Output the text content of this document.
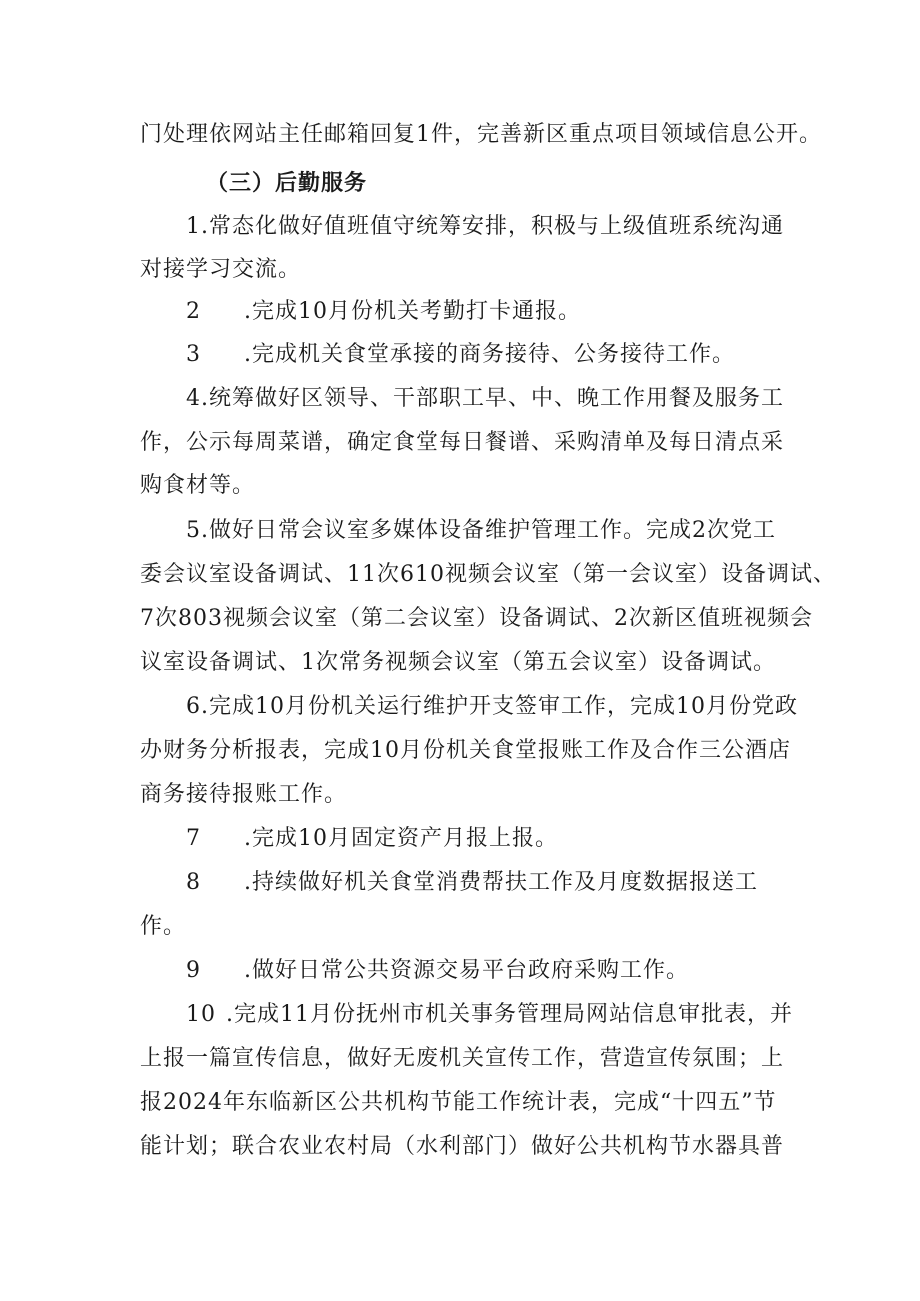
门处理依网站主任邮箱回复1件，完善新区重点项目领域信息公开。
（三）后勤服务
1.常态化做好值班值守统筹安排，积极与上级值班系统沟通
对接学习交流。
2 .完成10月份机关考勤打卡通报。
3 .完成机关食堂承接的商务接待、公务接待工作。
4.统筹做好区领导、干部职工早、中、晚工作用餐及服务工
作，公示每周菜谱，确定食堂每日餐谱、采购清单及每日清点采
购食材等。
5.做好日常会议室多媒体设备维护管理工作。完成2次党工
委会议室设备调试、11次610视频会议室（第一会议室）设备调试、
7次803视频会议室（第二会议室）设备调试、2次新区值班视频会
议室设备调试、1次常务视频会议室（第五会议室）设备调试。
6.完成10月份机关运行维护开支签审工作，完成10月份党政
办财务分析报表，完成10月份机关食堂报账工作及合作三公酒店
商务接待报账工作。
7 .完成10月固定资产月报上报。
8 .持续做好机关食堂消费帮扶工作及月度数据报送工
作。
9 .做好日常公共资源交易平台政府采购工作。
10 .完成11月份抚州市机关事务管理局网站信息审批表，并
上报一篇宣传信息，做好无废机关宣传工作，营造宣传氛围；上
报2024年东临新区公共机构节能工作统计表，完成“十四五”节
能计划；联合农业农村局（水利部门）做好公共机构节水器具普
